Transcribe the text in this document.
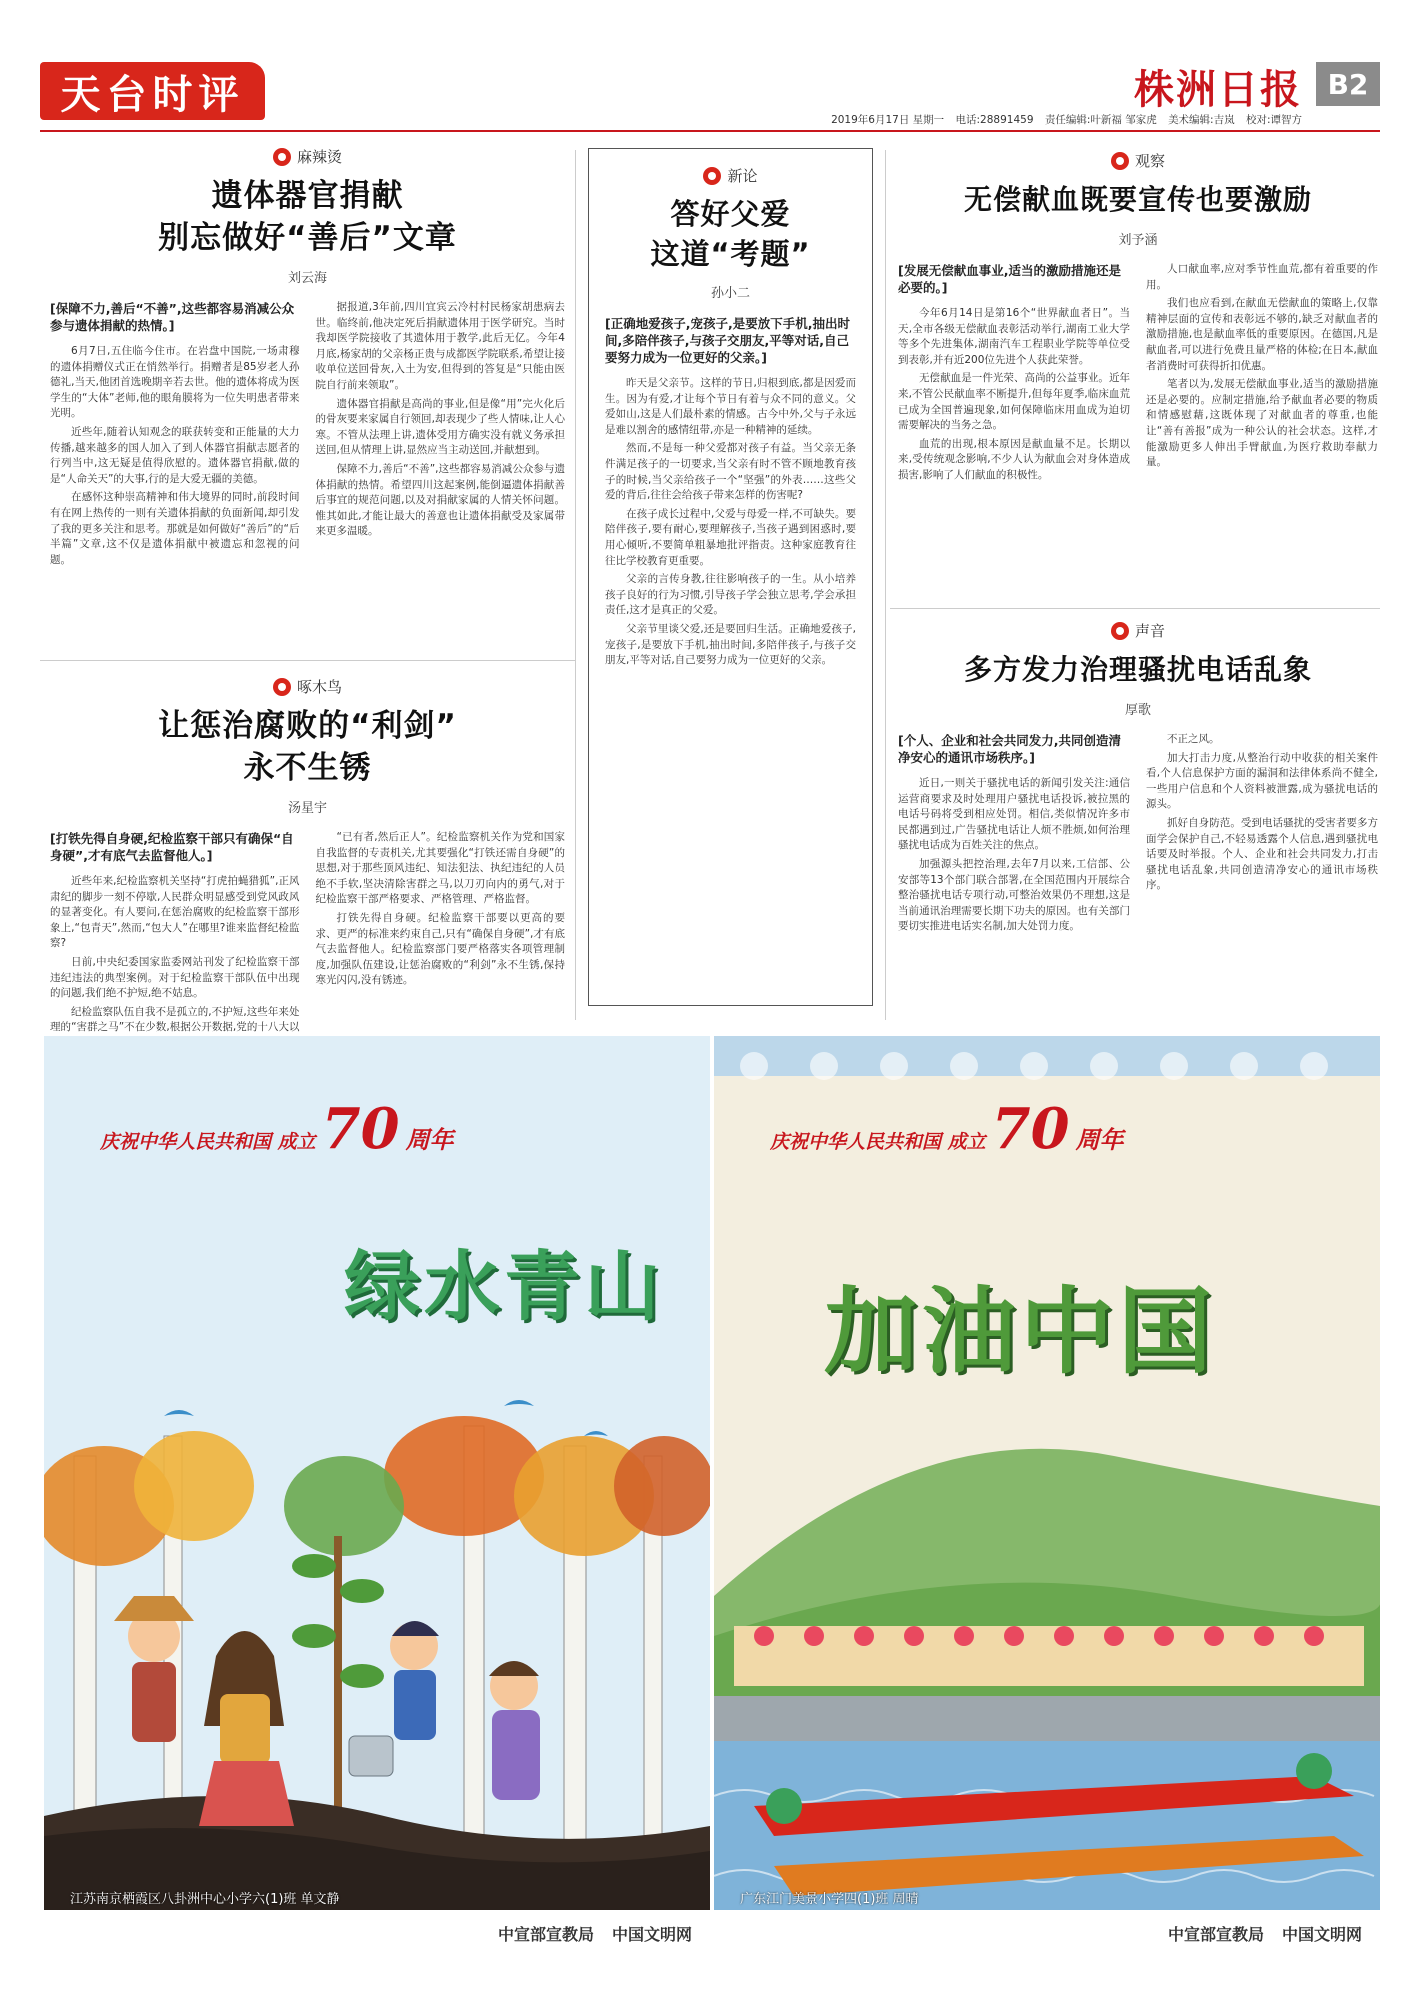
天台时评	株洲日报 B2
2019年6月17日 星期一 电话:28891459 责任编辑:叶新福 邹家虎 美术编辑:吉岚 校对:谭智方
麻辣烫
遗体器官捐献
别忘做好“善后”文章
刘云海
[保障不力,善后“不善”,这些都容易消减公众参与遗体捐献的热情。]

6月7日,五住临今住市。在岩盘中国院,一场肃穆的遗体捐赠仪式正在悄然举行。捐赠者是85岁老人孙德礼,当天,他团首选晚期辛若去世。他的遗体将成为医学生的“大体”老师,他的眼角膜将为一位失明患者带来光明。

近些年,随着认知观念的联获转变和正能量的大力传播,越来越多的国人加入了到人体器官捐献志愿者的行列当中,这无疑是值得欣慰的。遗体器官捐献,做的是“人命关天”的大事,行的是大爱无疆的美德。

在感怀这种崇高精神和伟大境界的同时,前段时间有在网上热传的一则有关遗体捐献的负面新闻,却引发了我的更多关注和思考。那就是如何做好“善后”的“后半篇”文章,这不仅是遗体捐献中被遗忘和忽视的问题。

据报道,3年前,四川宜宾云冷村村民杨家胡患病去世。临终前,他决定死后捐献遗体用于医学研究。当时我却医学院接收了其遗体用于教学,此后无亿。今年4月底,杨家胡的父亲杨正贵与成都医学院联系,希望让接收单位送回骨灰,入土为安,但得到的答复是“只能由医院自行前来领取”。

遗体器官捐献是高尚的事业,但是像“用”完火化后的骨灰要来家属自行领回,却表现少了些人情味,让人心寒。不管从法理上讲,遗体受用方确实没有就义务承担送回,但从情理上讲,显然应当主动送回,并献想到。

保障不力,善后“不善”,这些都容易消减公众参与遗体捐献的热情。希望四川这起案例,能倒逼遗体捐献善后事宜的规范问题,以及对捐献家属的人情关怀问题。惟其如此,才能让最大的善意也让遗体捐献受及家属带来更多温暖。

啄木鸟
让惩治腐败的“利剑”
永不生锈
汤星宇
[打铁先得自身硬,纪检监察干部只有确保“自身硬”,才有底气去监督他人。]

近些年来,纪检监察机关坚持“打虎拍蝇猎狐”,正风肃纪的脚步一刻不停歇,人民群众明显感受到党风政风的显著变化。有人要问,在惩治腐败的纪检监察干部形象上,“包青天”,然而,“包大人”在哪里?谁来监督纪检监察?

日前,中央纪委国家监委网站刊发了纪检监察干部违纪违法的典型案例。对于纪检监察干部队伍中出现的问题,我们绝不护短,绝不姑息。

纪检监察队伍自我不是孤立的,不护短,这些年来处理的“害群之马”不在少数,根据公开数据,党的十八大以

“已有者,然后正人”。纪检监察机关作为党和国家自我监督的专责机关,尤其要强化“打铁还需自身硬”的思想,对于那些顶风违纪、知法犯法、执纪违纪的人员绝不手软,坚决清除害群之马,以刀刃向内的勇气,对于纪检监察干部严格要求、严格管理、严格监督。

打铁先得自身硬。纪检监察干部要以更高的要求、更严的标准来约束自己,只有“确保自身硬”,才有底气去监督他人。纪检监察部门要严格落实各项管理制度,加强队伍建设,让惩治腐败的“利剑”永不生锈,保持寒光闪闪,没有锈迹。

新论
答好父爱
这道“考题”
孙小二
[正确地爱孩子,宠孩子,是要放下手机,抽出时间,多陪伴孩子,与孩子交朋友,平等对话,自己要努力成为一位更好的父亲。]

昨天是父亲节。这样的节日,归根到底,都是因爱而生。因为有爱,才让每个节日有着与众不同的意义。父爱如山,这是人们最朴素的情感。古今中外,父与子永远是难以割舍的感情纽带,亦是一种精神的延续。

然而,不是每一种父爱都对孩子有益。当父亲无条件满足孩子的一切要求,当父亲有时不管不顾地教育孩子的时候,当父亲给孩子一个“坚强”的外表……这些父爱的背后,往往会给孩子带来怎样的伤害呢?

在孩子成长过程中,父爱与母爱一样,不可缺失。要陪伴孩子,要有耐心,要理解孩子,当孩子遇到困惑时,要用心倾听,不要简单粗暴地批评指责。这种家庭教育往往比学校教育更重要。

父亲的言传身教,往往影响孩子的一生。从小培养孩子良好的行为习惯,引导孩子学会独立思考,学会承担责任,这才是真正的父爱。

父亲节里谈父爱,还是要回归生活。正确地爱孩子,宠孩子,是要放下手机,抽出时间,多陪伴孩子,与孩子交朋友,平等对话,自己要努力成为一位更好的父亲。

观察
无偿献血既要宣传也要激励
刘予涵
[发展无偿献血事业,适当的激励措施还是必要的。]

今年6月14日是第16个“世界献血者日”。当天,全市各级无偿献血表彰活动举行,湖南工业大学等多个先进集体,湖南汽车工程职业学院等单位受到表彰,并有近200位先进个人获此荣誉。

无偿献血是一件光荣、高尚的公益事业。近年来,不管公民献血率不断提升,但每年夏季,临床血荒已成为全国普遍现象,如何保障临床用血成为迫切需要解决的当务之急。

血荒的出现,根本原因是献血量不足。长期以来,受传统观念影响,不少人认为献血会对身体造成损害,影响了人们献血的积极性。

人口献血率,应对季节性血荒,都有着重要的作用。

我们也应看到,在献血无偿献血的策略上,仅靠精神层面的宣传和表彰远不够的,缺乏对献血者的激励措施,也是献血率低的重要原因。在德国,凡是献血者,可以进行免费且量严格的体检;在日本,献血者消费时可获得折扣优惠。

笔者以为,发展无偿献血事业,适当的激励措施还是必要的。应制定措施,给予献血者必要的物质和情感慰藉,这既体现了对献血者的尊重,也能让“善有善报”成为一种公认的社会状态。这样,才能激励更多人伸出手臂献血,为医疗救助奉献力量。

声音
多方发力治理骚扰电话乱象
厚歌
[个人、企业和社会共同发力,共同创造清净安心的通讯市场秩序。]

近日,一则关于骚扰电话的新闻引发关注:通信运营商要求及时处理用户骚扰电话投诉,被拉黑的电话号码将受到相应处罚。相信,类似情况许多市民都遇到过,广告骚扰电话让人烦不胜烦,如何治理骚扰电话成为百姓关注的焦点。

加强源头把控治理,去年7月以来,工信部、公安部等13个部门联合部署,在全国范围内开展综合整治骚扰电话专项行动,可整治效果仍不理想,这是当前通讯治理需要长期下功夫的原因。也有关部门要切实推进电话实名制,加大处罚力度。

不正之风。

加大打击力度,从整治行动中收获的相关案件看,个人信息保护方面的漏洞和法律体系尚不健全,一些用户信息和个人资料被泄露,成为骚扰电话的源头。

抓好自身防范。受到电话骚扰的受害者要多方面学会保护自己,不轻易透露个人信息,遇到骚扰电话要及时举报。个人、企业和社会共同发力,打击骚扰电话乱象,共同创造清净安心的通讯市场秩序。

庆祝中华人民共和国 成立 70 周年
绿水青山
江苏南京栖霞区八卦洲中心小学六(1)班 单文静
中宣部宣教局 中国文明网
庆祝中华人民共和国 成立 70 周年
加油中国
广东江门美景小学四(1)班 周晴
中宣部宣教局 中国文明网
